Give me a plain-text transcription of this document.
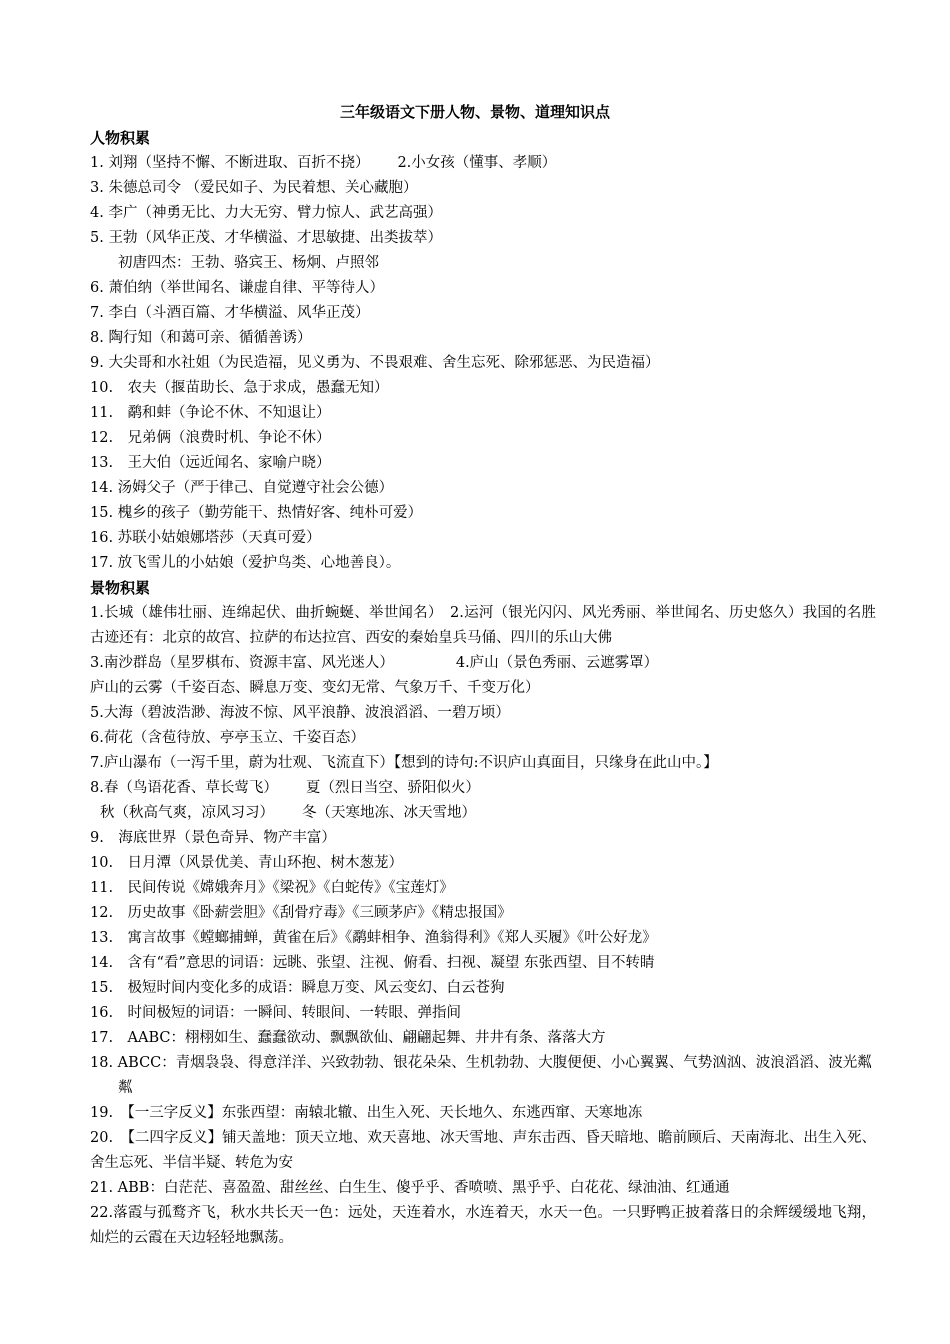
三年级语文下册人物、景物、道理知识点
人物积累
1. 刘翔（坚持不懈、不断进取、百折不挠） 2.小女孩（懂事、孝顺）
3. 朱德总司令 （爱民如子、为民着想、关心藏胞）
4. 李广（神勇无比、力大无穷、臂力惊人、武艺高强）
5. 王勃（风华正茂、才华横溢、才思敏捷、出类拔萃）
初唐四杰：王勃、骆宾王、杨炯、卢照邻
6. 萧伯纳（举世闻名、谦虚自律、平等待人）
7. 李白（斗酒百篇、才华横溢、风华正茂）
8. 陶行知（和蔼可亲、循循善诱）
9. 大尖哥和水社姐（为民造福，见义勇为、不畏艰难、舍生忘死、除邪惩恶、为民造福）
10.　农夫（揠苗助长、急于求成，愚蠢无知）
11.　鹬和蚌（争论不休、不知退让）
12.　兄弟俩（浪费时机、争论不休）
13.　王大伯（远近闻名、家喻户晓）
14. 汤姆父子（严于律己、自觉遵守社会公德）
15. 槐乡的孩子（勤劳能干、热情好客、纯朴可爱）
16. 苏联小姑娘娜塔莎（天真可爱）
17. 放飞雪儿的小姑娘（爱护鸟类、心地善良）。
景物积累
1.长城（雄伟壮丽、连绵起伏、曲折蜿蜒、举世闻名）　2.运河（银光闪闪、风光秀丽、举世闻名、历史悠久）我国的名胜古迹还有：北京的故宫、拉萨的布达拉宫、西安的秦始皇兵马俑、四川的乐山大佛
3.南沙群岛（星罗棋布、资源丰富、风光迷人）	4.庐山（景色秀丽、云遮雾罩）
庐山的云雾（千姿百态、瞬息万变、变幻无常、气象万千、千变万化）
5.大海（碧波浩渺、海波不惊、风平浪静、波浪滔滔、一碧万顷）
6.荷花（含苞待放、亭亭玉立、千姿百态）
7.庐山瀑布（一泻千里，蔚为壮观、飞流直下）【想到的诗句:不识庐山真面目，只缘身在此山中。】
8.春（鸟语花香、草长莺飞） 夏（烈日当空、骄阳似火）
秋（秋高气爽，凉风习习） 冬（天寒地冻、冰天雪地）
9.　海底世界（景色奇异、物产丰富）
10.　日月潭（风景优美、青山环抱、树木葱茏）
11.　民间传说《嫦娥奔月》《梁祝》《白蛇传》《宝莲灯》
12.　历史故事《卧薪尝胆》《刮骨疗毒》《三顾茅庐》《精忠报国》
13.　寓言故事《螳螂捕蝉，黄雀在后》《鹬蚌相争、渔翁得利》《郑人买履》《叶公好龙》
14.　含有“看”意思的词语：远眺、张望、注视、俯看、扫视、凝望 东张西望、目不转睛
15.　极短时间内变化多的成语：瞬息万变、风云变幻、白云苍狗
16.　时间极短的词语：一瞬间、转眼间、一转眼、弹指间
17.　AABC：栩栩如生、蠢蠢欲动、飘飘欲仙、翩翩起舞、井井有条、落落大方
18. ABCC：青烟袅袅、得意洋洋、兴致勃勃、银花朵朵、生机勃勃、大腹便便、小心翼翼、气势汹汹、波浪滔滔、波光粼粼
19.　【一三字反义】东张西望：南辕北辙、出生入死、天长地久、东逃西窜、天寒地冻
20.　【二四字反义】铺天盖地：顶天立地、欢天喜地、冰天雪地、声东击西、昏天暗地、瞻前顾后、天南海北、出生入死、舍生忘死、半信半疑、转危为安
21. ABB：白茫茫、喜盈盈、甜丝丝、白生生、傻乎乎、香喷喷、黑乎乎、白花花、绿油油、红通通
22.落霞与孤鹜齐飞，秋水共长天一色：远处，天连着水，水连着天，水天一色。一只野鸭正披着落日的余辉缓缓地飞翔，灿烂的云霞在天边轻轻地飘荡。
